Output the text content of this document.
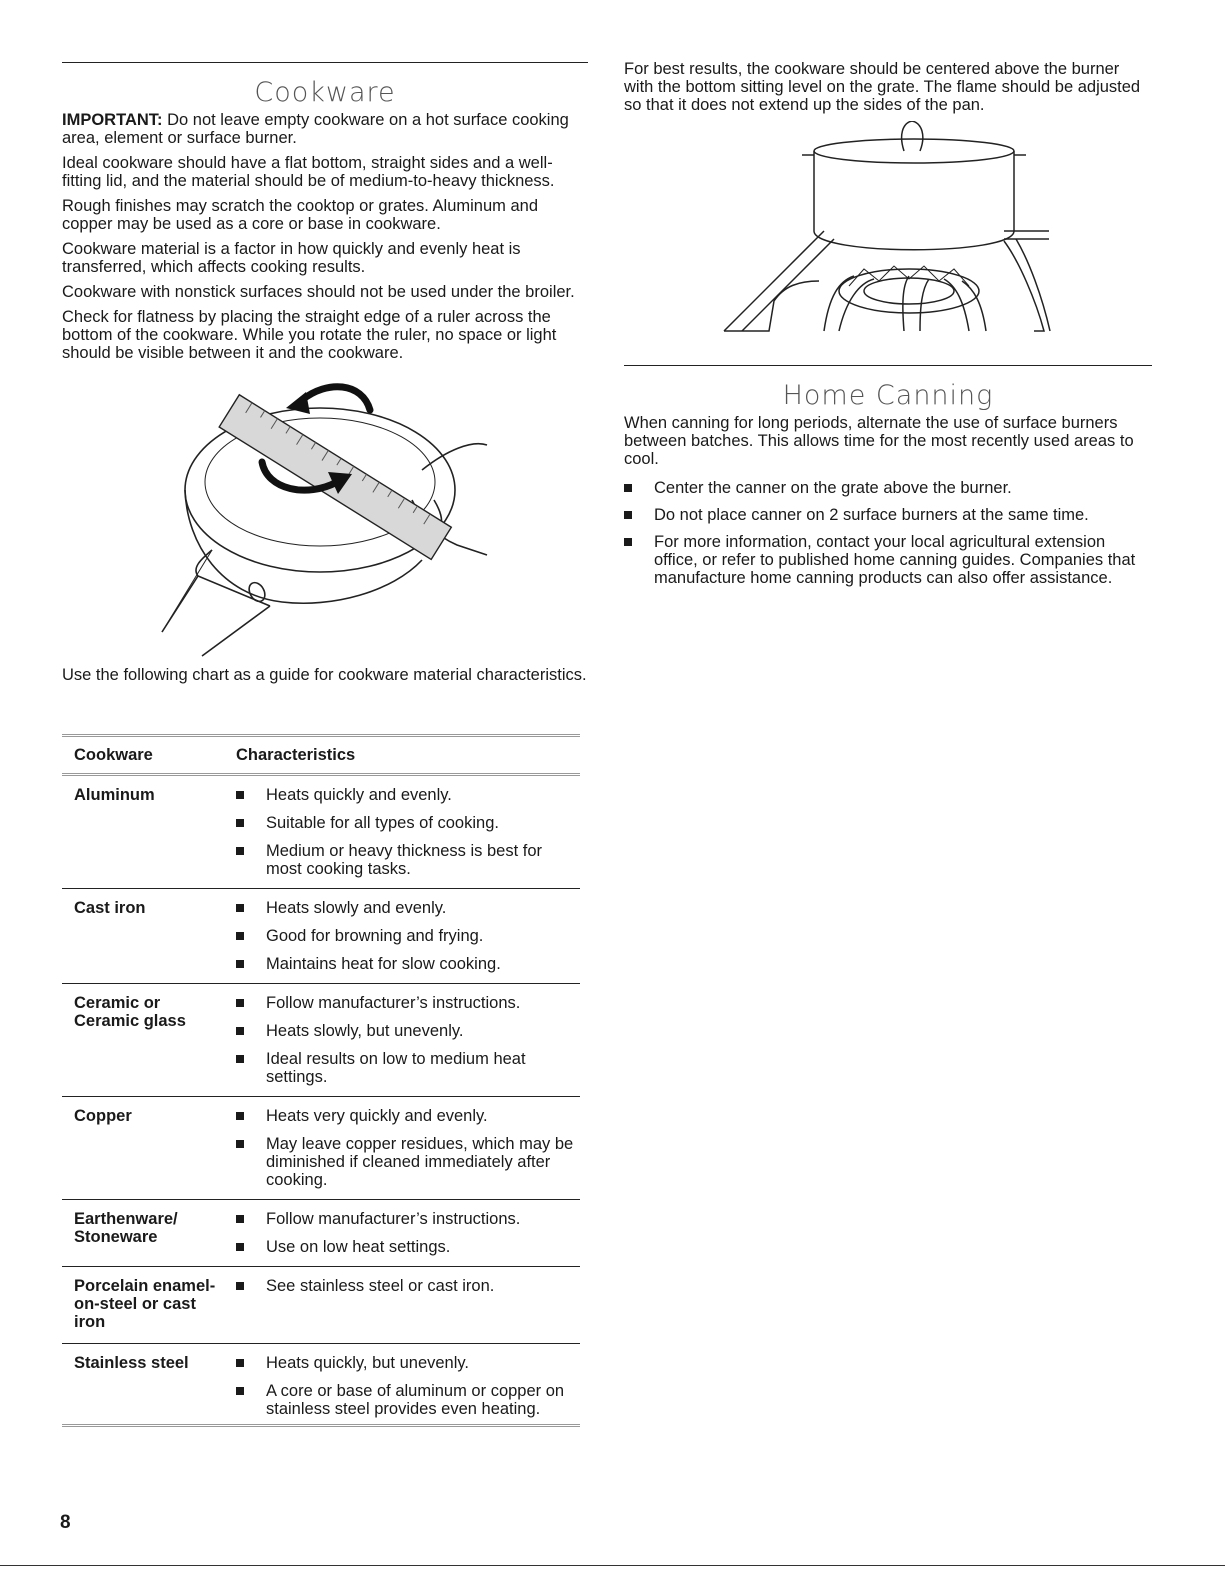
Cookware

IMPORTANT: Do not leave empty cookware on a hot surface cooking area, element or surface burner.

Ideal cookware should have a flat bottom, straight sides and a well-fitting lid, and the material should be of medium-to-heavy thickness.

Rough finishes may scratch the cooktop or grates. Aluminum and copper may be used as a core or base in cookware.

Cookware material is a factor in how quickly and evenly heat is transferred, which affects cooking results.

Cookware with nonstick surfaces should not be used under the broiler.

Check for flatness by placing the straight edge of a ruler across the bottom of the cookware. While you rotate the ruler, no space or light should be visible between it and the cookware.

Use the following chart as a guide for cookware material characteristics.

Cookware	Characteristics
Aluminum	Heats quickly and evenly.
Suitable for all types of cooking.
Medium or heavy thickness is best for most cooking tasks.

Cast iron	Heats slowly and evenly.
Good for browning and frying.
Maintains heat for slow cooking.

Ceramic or Ceramic glass	Follow manufacturer’s instructions.
Heats slowly, but unevenly.
Ideal results on low to medium heat settings.

Copper	Heats very quickly and evenly.
May leave copper residues, which may be diminished if cleaned immediately after cooking.

Earthenware/ Stoneware	Follow manufacturer’s instructions.
Use on low heat settings.

Porcelain enamel-on-steel or cast iron	See stainless steel or cast iron.

Stainless steel	Heats quickly, but unevenly.
A core or base of aluminum or copper on stainless steel provides even heating.

For best results, the cookware should be centered above the burner with the bottom sitting level on the grate. The flame should be adjusted so that it does not extend up the sides of the pan.

Home Canning

When canning for long periods, alternate the use of surface burners between batches. This allows time for the most recently used areas to cool.

Center the canner on the grate above the burner.
Do not place canner on 2 surface burners at the same time.
For more information, contact your local agricultural extension office, or refer to published home canning guides. Companies that manufacture home canning products can also offer assistance.
8
